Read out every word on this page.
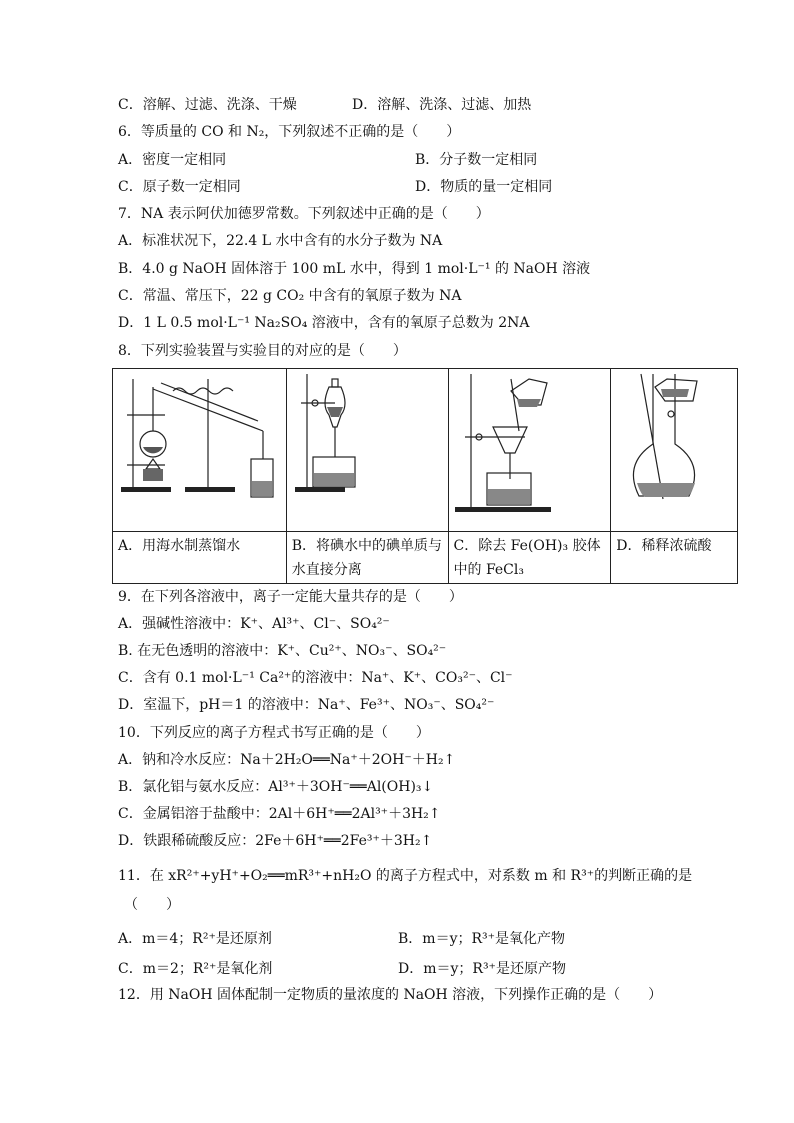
C．溶解、过滤、洗涤、干燥	D．溶解、洗涤、过滤、加热
6．等质量的 CO 和 N₂，下列叙述不正确的是（　　）
A．密度一定相同	B．分子数一定相同
C．原子数一定相同	D．物质的量一定相同
7．NA 表示阿伏加德罗常数。下列叙述中正确的是（　　）
A．标准状况下，22.4 L 水中含有的水分子数为 NA
B．4.0 g NaOH 固体溶于 100 mL 水中，得到 1 mol·L⁻¹ 的 NaOH 溶液
C．常温、常压下，22 g CO₂ 中含有的氧原子数为 NA
D．1 L 0.5 mol·L⁻¹ Na₂SO₄ 溶液中，含有的氧原子总数为 2NA
8．下列实验装置与实验目的对应的是（　　）

A．用海水制蒸馏水	B．将碘水中的碘单质与水直接分离	C．除去 Fe(OH)₃ 胶体中的 FeCl₃	D．稀释浓硫酸
9．在下列各溶液中，离子一定能大量共存的是（　　）
A．强碱性溶液中：K⁺、Al³⁺、Cl⁻、SO₄²⁻
B. 在无色透明的溶液中：K⁺、Cu²⁺、NO₃⁻、SO₄²⁻
C．含有 0.1 mol·L⁻¹ Ca²⁺的溶液中：Na⁺、K⁺、CO₃²⁻、Cl⁻
D．室温下，pH＝1 的溶液中：Na⁺、Fe³⁺、NO₃⁻、SO₄²⁻
10．下列反应的离子方程式书写正确的是（　　）
A．钠和冷水反应：Na＋2H₂O══Na⁺＋2OH⁻＋H₂↑
B．氯化铝与氨水反应：Al³⁺＋3OH⁻══Al(OH)₃↓
C．金属铝溶于盐酸中：2Al＋6H⁺══2Al³⁺＋3H₂↑
D．铁跟稀硫酸反应：2Fe＋6H⁺══2Fe³⁺＋3H₂↑
11．在 xR²⁺+yH⁺+O₂══mR³⁺+nH₂O 的离子方程式中，对系数 m 和 R³⁺的判断正确的是
（　　）
A．m＝4；R²⁺是还原剂	B．m＝y；R³⁺是氧化产物
C．m＝2；R²⁺是氧化剂	D．m＝y；R³⁺是还原产物
12．用 NaOH 固体配制一定物质的量浓度的 NaOH 溶液，下列操作正确的是（　　）
